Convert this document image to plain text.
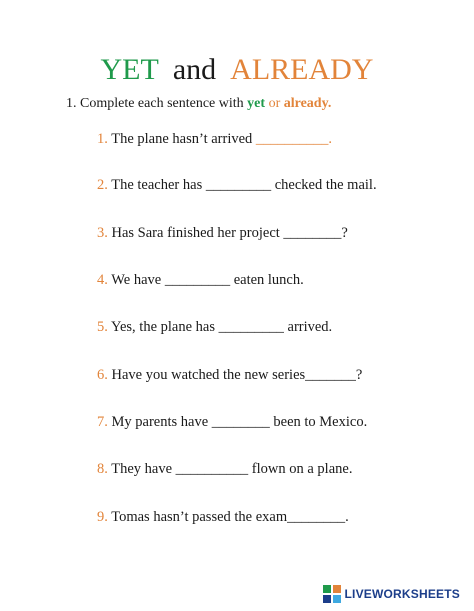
YET and ALREADY
1. Complete each sentence with yet or already.
1. The plane hasn’t arrived __________.
2. The teacher has _________ checked the mail.
3. Has Sara finished her project ________?
4. We have _________ eaten lunch.
5. Yes, the plane has _________ arrived.
6. Have you watched the new series_______?
7. My parents have ________ been to Mexico.
8. They have __________ flown on a plane.
9. Tomas hasn’t passed the exam________.
LIVEWORKSHEETS
